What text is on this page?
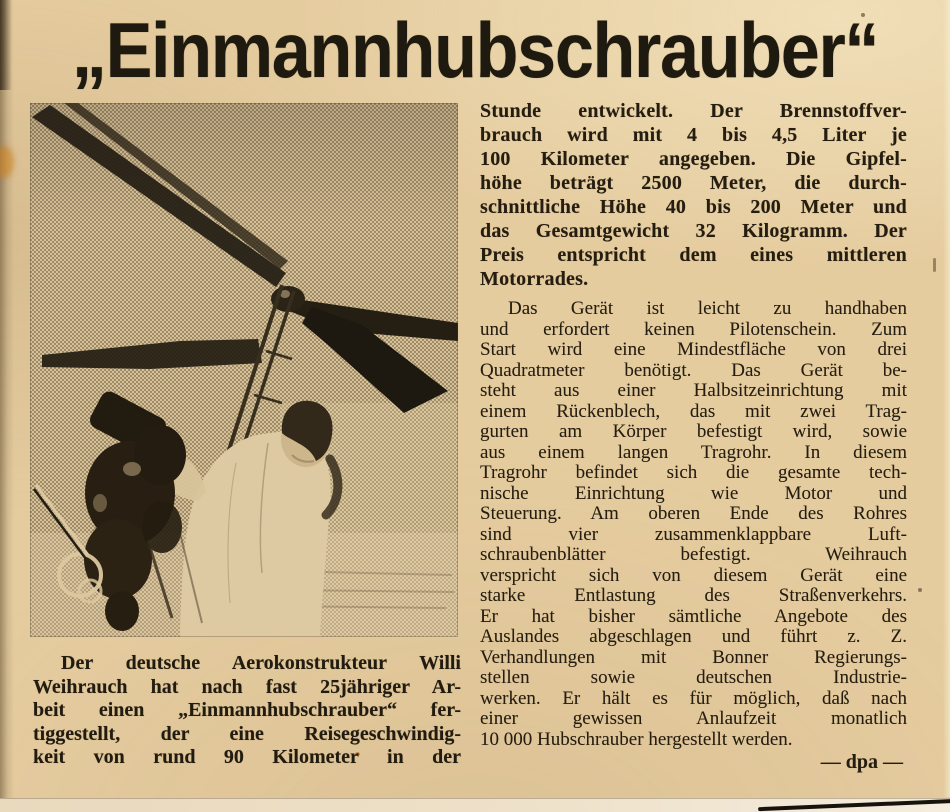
„Einmannhubschrauber“
Der deutsche Aerokonstrukteur Willi
Weihrauch hat nach fast 25jähriger Ar-
beit einen „Einmannhubschrauber“ fer-
tiggestellt, der eine Reisegeschwindig-
keit von rund 90 Kilometer in der
Stunde entwickelt. Der Brennstoffver-
brauch wird mit 4 bis 4,5 Liter je
100 Kilometer angegeben. Die Gipfel-
höhe beträgt 2500 Meter, die durch-
schnittliche Höhe 40 bis 200 Meter und
das Gesamtgewicht 32 Kilogramm. Der
Preis entspricht dem eines mittleren
Motorrades.
Das Gerät ist leicht zu handhaben
und erfordert keinen Pilotenschein. Zum
Start wird eine Mindestfläche von drei
Quadratmeter benötigt. Das Gerät be-
steht aus einer Halbsitzeinrichtung mit
einem Rückenblech, das mit zwei Trag-
gurten am Körper befestigt wird, sowie
aus einem langen Tragrohr. In diesem
Tragrohr befindet sich die gesamte tech-
nische Einrichtung wie Motor und
Steuerung. Am oberen Ende des Rohres
sind vier zusammenklappbare Luft-
schraubenblätter befestigt. Weihrauch
verspricht sich von diesem Gerät eine
starke Entlastung des Straßenverkehrs.
Er hat bisher sämtliche Angebote des
Auslandes abgeschlagen und führt z. Z.
Verhandlungen mit Bonner Regierungs-
stellen sowie deutschen Industrie-
werken. Er hält es für möglich, daß nach
einer gewissen Anlaufzeit monatlich
10 000 Hubschrauber hergestellt werden.
— dpa —
